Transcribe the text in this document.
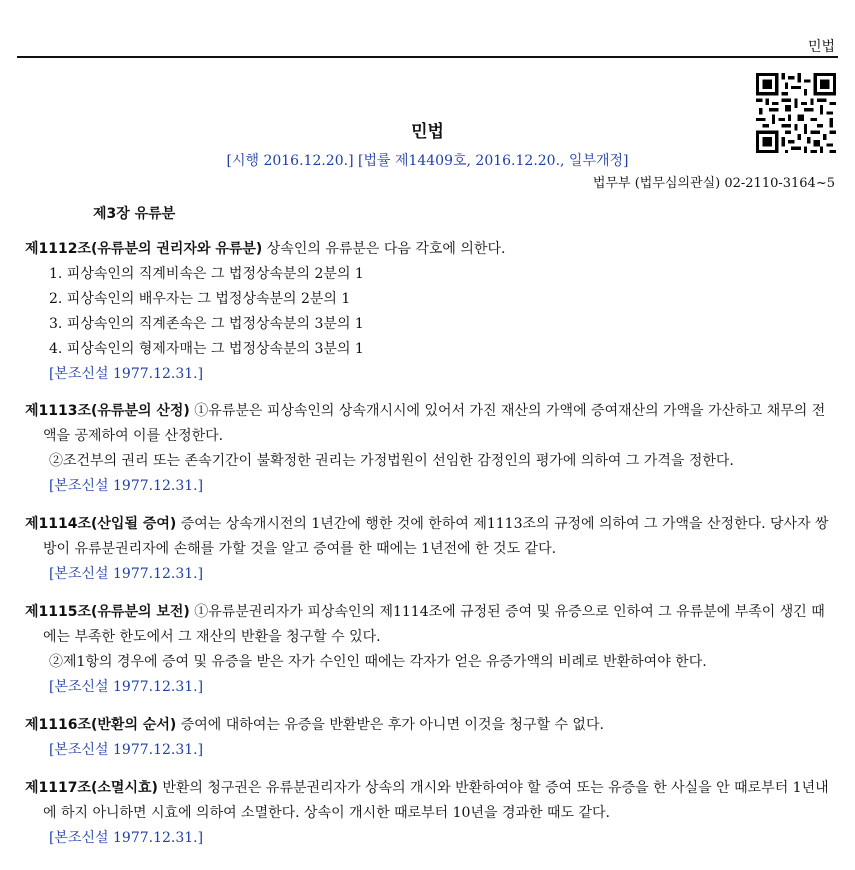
민법
민법
[시행 2016.12.20.] [법률 제14409호, 2016.12.20., 일부개정]
법무부 (법무심의관실) 02-2110-3164~5
제3장 유류분
제1112조(유류분의 권리자와 유류분) 상속인의 유류분은 다음 각호에 의한다.
1. 피상속인의 직계비속은 그 법정상속분의 2분의 1
2. 피상속인의 배우자는 그 법정상속분의 2분의 1
3. 피상속인의 직계존속은 그 법정상속분의 3분의 1
4. 피상속인의 형제자매는 그 법정상속분의 3분의 1
[본조신설 1977.12.31.]
제1113조(유류분의 산정) ①유류분은 피상속인의 상속개시시에 있어서 가진 재산의 가액에 증여재산의 가액을 가산하고 채무의 전액을 공제하여 이를 산정한다.
②조건부의 권리 또는 존속기간이 불확정한 권리는 가정법원이 선임한 감정인의 평가에 의하여 그 가격을 정한다.
[본조신설 1977.12.31.]
제1114조(산입될 증여) 증여는 상속개시전의 1년간에 행한 것에 한하여 제1113조의 규정에 의하여 그 가액을 산정한다. 당사자 쌍방이 유류분권리자에 손해를 가할 것을 알고 증여를 한 때에는 1년전에 한 것도 같다.
[본조신설 1977.12.31.]
제1115조(유류분의 보전) ①유류분권리자가 피상속인의 제1114조에 규정된 증여 및 유증으로 인하여 그 유류분에 부족이 생긴 때에는 부족한 한도에서 그 재산의 반환을 청구할 수 있다.
②제1항의 경우에 증여 및 유증을 받은 자가 수인인 때에는 각자가 얻은 유증가액의 비례로 반환하여야 한다.
[본조신설 1977.12.31.]
제1116조(반환의 순서) 증여에 대하여는 유증을 반환받은 후가 아니면 이것을 청구할 수 없다.
[본조신설 1977.12.31.]
제1117조(소멸시효) 반환의 청구권은 유류분권리자가 상속의 개시와 반환하여야 할 증여 또는 유증을 한 사실을 안 때로부터 1년내에 하지 아니하면 시효에 의하여 소멸한다. 상속이 개시한 때로부터 10년을 경과한 때도 같다.
[본조신설 1977.12.31.]
